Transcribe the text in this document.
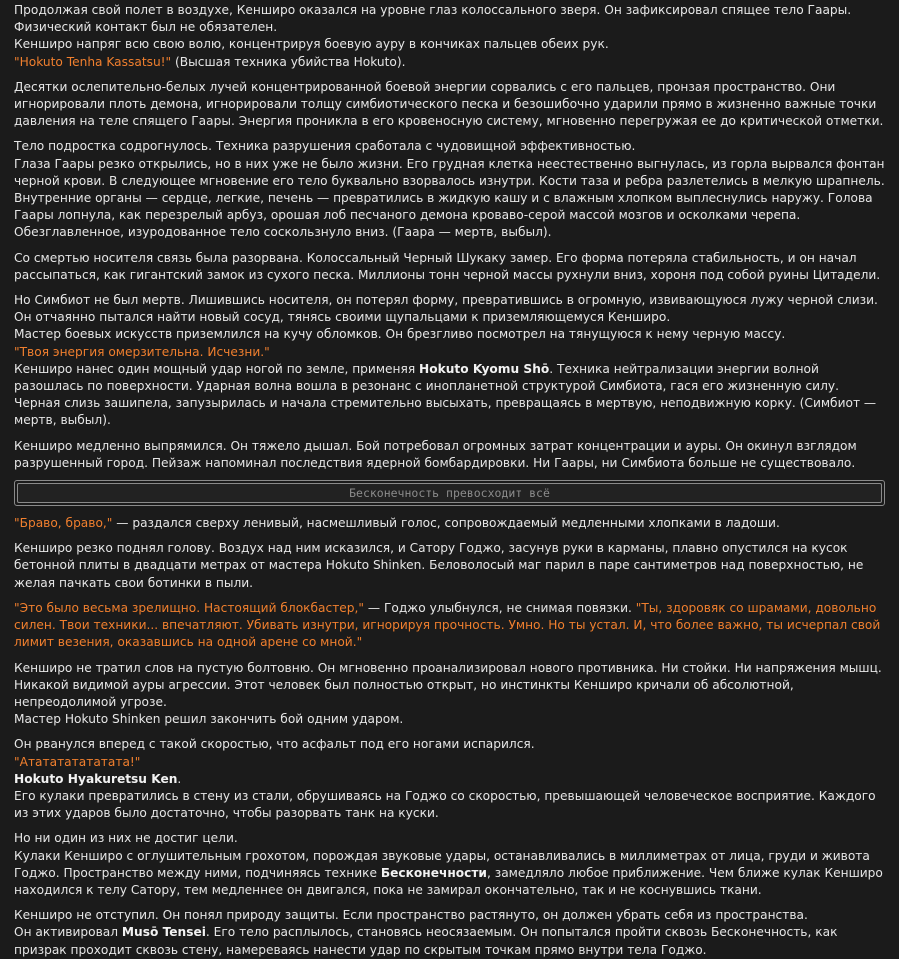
Продолжая свой полет в воздухе, Кенширо оказался на уровне глаз колоссального зверя. Он зафиксировал спящее тело Гаары. Физический контакт был не обязателен.
Кенширо напряг всю свою волю, концентрируя боевую ауру в кончиках пальцев обеих рук.
"Hokuto Tenha Kassatsu!" (Высшая техника убийства Hokuto).
Десятки ослепительно-белых лучей концентрированной боевой энергии сорвались с его пальцев, пронзая пространство. Они игнорировали плоть демона, игнорировали толщу симбиотического песка и безошибочно ударили прямо в жизненно важные точки давления на теле спящего Гаары. Энергия проникла в его кровеносную систему, мгновенно перегружая ее до критической отметки.
Тело подростка содрогнулось. Техника разрушения сработала с чудовищной эффективностью.
Глаза Гаары резко открылись, но в них уже не было жизни. Его грудная клетка неестественно выгнулась, из горла вырвался фонтан черной крови. В следующее мгновение его тело буквально взорвалось изнутри. Кости таза и ребра разлетелись в мелкую шрапнель. Внутренние органы — сердце, легкие, печень — превратились в жидкую кашу и с влажным хлопком выплеснулись наружу. Голова Гаары лопнула, как перезрелый арбуз, орошая лоб песчаного демона кроваво-серой массой мозгов и осколками черепа. Обезглавленное, изуродованное тело соскользнуло вниз. (Гаара — мертв, выбыл).
Со смертью носителя связь была разорвана. Колоссальный Черный Шукаку замер. Его форма потеряла стабильность, и он начал рассыпаться, как гигантский замок из сухого песка. Миллионы тонн черной массы рухнули вниз, хороня под собой руины Цитадели.
Но Симбиот не был мертв. Лишившись носителя, он потерял форму, превратившись в огромную, извивающуюся лужу черной слизи. Он отчаянно пытался найти новый сосуд, тянясь своими щупальцами к приземляющемуся Кенширо.
Мастер боевых искусств приземлился на кучу обломков. Он брезгливо посмотрел на тянущуюся к нему черную массу.
"Твоя энергия омерзительна. Исчезни."
Кенширо нанес один мощный удар ногой по земле, применяя Hokuto Kyomu Shō. Техника нейтрализации энергии волной разошлась по поверхности. Ударная волна вошла в резонанс с инопланетной структурой Симбиота, гася его жизненную силу. Черная слизь зашипела, запузырилась и начала стремительно высыхать, превращаясь в мертвую, неподвижную корку. (Симбиот — мертв, выбыл).
Кенширо медленно выпрямился. Он тяжело дышал. Бой потребовал огромных затрат концентрации и ауры. Он окинул взглядом разрушенный город. Пейзаж напоминал последствия ядерной бомбардировки. Ни Гаары, ни Симбиота больше не существовало.
Бесконечность превосходит всё
"Браво, браво," — раздался сверху ленивый, насмешливый голос, сопровождаемый медленными хлопками в ладоши.
Кенширо резко поднял голову. Воздух над ним исказился, и Сатору Годжо, засунув руки в карманы, плавно опустился на кусок бетонной плиты в двадцати метрах от мастера Hokuto Shinken. Беловолосый маг парил в паре сантиметров над поверхностью, не желая пачкать свои ботинки в пыли.
"Это было весьма зрелищно. Настоящий блокбастер," — Годжо улыбнулся, не снимая повязки. "Ты, здоровяк со шрамами, довольно силен. Твои техники... впечатляют. Убивать изнутри, игнорируя прочность. Умно. Но ты устал. И, что более важно, ты исчерпал свой лимит везения, оказавшись на одной арене со мной."
Кенширо не тратил слов на пустую болтовню. Он мгновенно проанализировал нового противника. Ни стойки. Ни напряжения мышц. Никакой видимой ауры агрессии. Этот человек был полностью открыт, но инстинкты Кенширо кричали об абсолютной, непреодолимой угрозе.
Мастер Hokuto Shinken решил закончить бой одним ударом.
Он рванулся вперед с такой скоростью, что асфальт под его ногами испарился.
"Ататататататата!"
Hokuto Hyakuretsu Ken.
Его кулаки превратились в стену из стали, обрушиваясь на Годжо со скоростью, превышающей человеческое восприятие. Каждого из этих ударов было достаточно, чтобы разорвать танк на куски.
Но ни один из них не достиг цели.
Кулаки Кенширо с оглушительным грохотом, порождая звуковые удары, останавливались в миллиметрах от лица, груди и живота Годжо. Пространство между ними, подчиняясь технике Бесконечности, замедляло любое приближение. Чем ближе кулак Кенширо находился к телу Сатору, тем медленнее он двигался, пока не замирал окончательно, так и не коснувшись ткани.
Кенширо не отступил. Он понял природу защиты. Если пространство растянуто, он должен убрать себя из пространства.
Он активировал Musō Tensei. Его тело расплылось, становясь неосязаемым. Он попытался пройти сквозь Бесконечность, как призрак проходит сквозь стену, намереваясь нанести удар по скрытым точкам прямо внутри тела Годжо.
